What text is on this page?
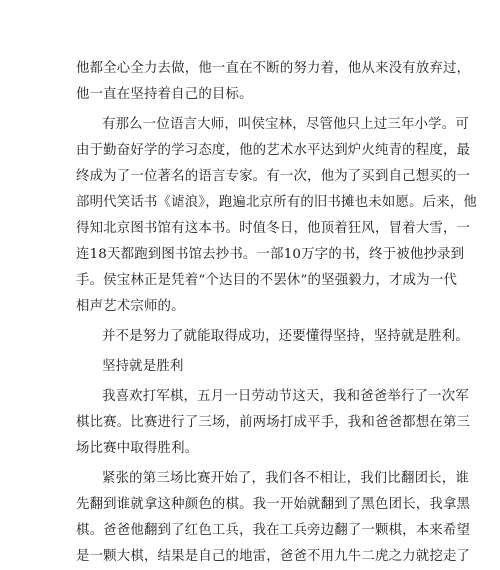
他都全心全力去做，他一直在不断的努力着，他从来没有放弃过，
他一直在坚持着自己的目标。
有那么一位语言大师，叫侯宝林，尽管他只上过三年小学。可
由于勤奋好学的学习态度，他的艺术水平达到炉火纯青的程度，最
终成为了一位著名的语言专家。有一次，他为了买到自己想买的一
部明代笑话书《谑浪》，跑遍北京所有的旧书摊也未如愿。后来，他
得知北京图书馆有这本书。时值冬日，他顶着狂风，冒着大雪，一
连18天都跑到图书馆去抄书。一部10万字的书，终于被他抄录到
手。侯宝林正是凭着“个达目的不罢休”的坚强毅力，才成为一代
相声艺术宗师的。
并不是努力了就能取得成功，还要懂得坚持，坚持就是胜利。
坚持就是胜利
我喜欢打军棋，五月一日劳动节这天，我和爸爸举行了一次军
棋比赛。比赛进行了三场，前两场打成平手，我和爸爸都想在第三
场比赛中取得胜利。
紧张的第三场比赛开始了，我们各不相让，我们比翻团长，谁
先翻到谁就拿这种颜色的棋。我一开始就翻到了黑色团长，我拿黑
棋。爸爸他翻到了红色工兵，我在工兵旁边翻了一颗棋，本来希望
是一颗大棋，结果是自己的地雷，爸爸不用九牛二虎之力就挖走了
